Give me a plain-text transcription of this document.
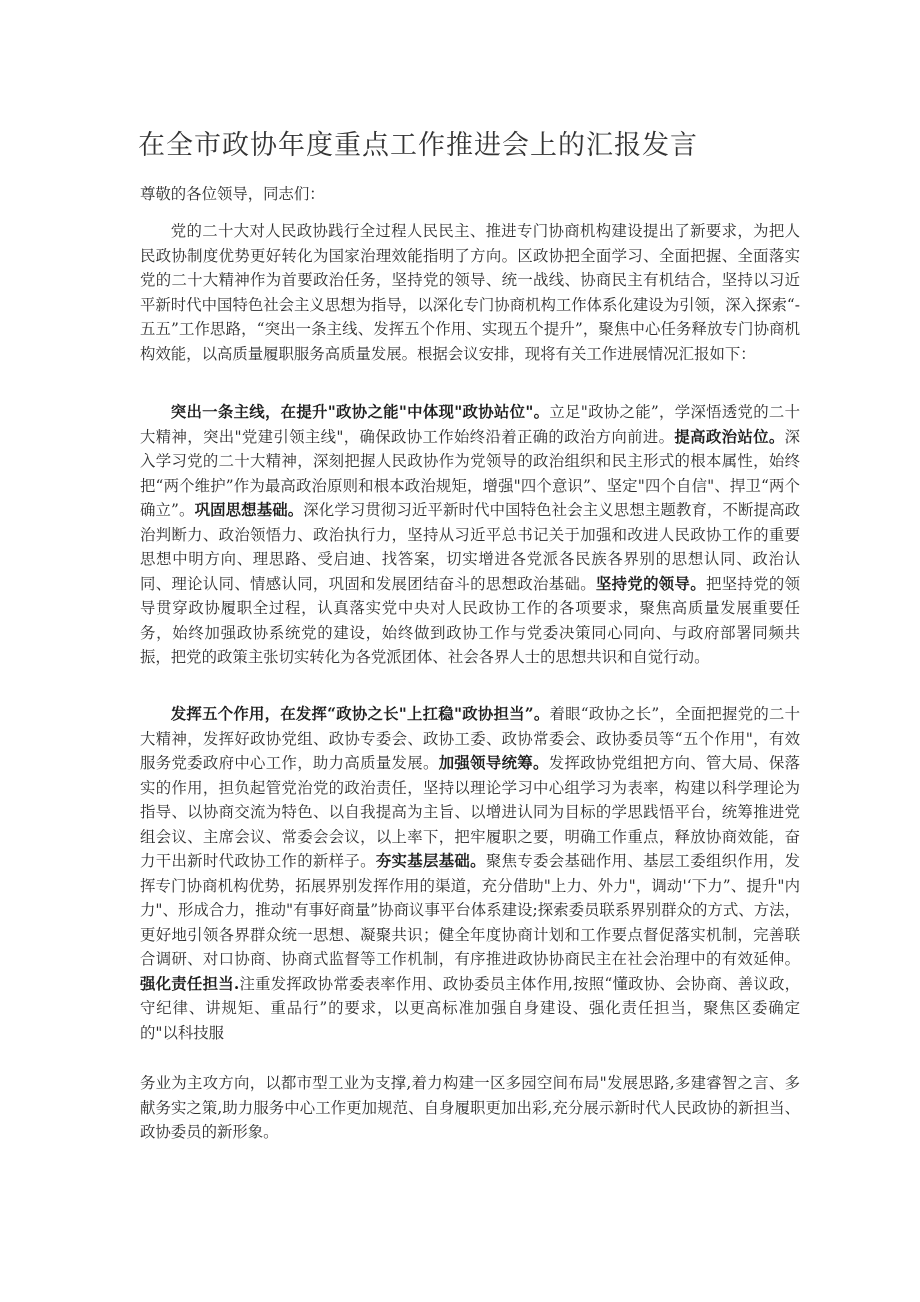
在全市政协年度重点工作推进会上的汇报发言

尊敬的各位领导，同志们：

党的二十大对人民政协践行全过程人民民主、推进专门协商机构建设提出了新要求，为把人民政协制度优势更好转化为国家治理效能指明了方向。区政协把全面学习、全面把握、全面落实党的二十大精神作为首要政治任务，坚持党的领导、统一战线、协商民主有机结合，坚持以习近平新时代中国特色社会主义思想为指导，以深化专门协商机构工作体系化建设为引领，深入探索“-五五”工作思路，“突出一条主线、发挥五个作用、实现五个提升”，聚焦中心任务释放专门协商机构效能，以高质量履职服务高质量发展。根据会议安排，现将有关工作进展情况汇报如下：

突出一条主线，在提升"政协之能"中体现"政协站位"。立足"政协之能”，学深悟透党的二十大精神，突出"党建引领主线"，确保政协工作始终沿着正确的政治方向前进。提高政治站位。深入学习党的二十大精神，深刻把握人民政协作为党领导的政治组织和民主形式的根本属性，始终把“两个维护”作为最高政治原则和根本政治规矩，增强"四个意识”、坚定"四个自信"、捍卫“两个确立”。巩固思想基础。深化学习贯彻习近平新时代中国特色社会主义思想主题教育，不断提高政治判断力、政治领悟力、政治执行力，坚持从习近平总书记关于加强和改进人民政协工作的重要思想中明方向、理思路、受启迪、找答案，切实增进各党派各民族各界别的思想认同、政治认同、理论认同、情感认同，巩固和发展团结奋斗的思想政治基础。坚持党的领导。把坚持党的领导贯穿政协履职全过程，认真落实党中央对人民政协工作的各项要求，聚焦高质量发展重要任务，始终加强政协系统党的建设，始终做到政协工作与党委决策同心同向、与政府部署同频共振，把党的政策主张切实转化为各党派团体、社会各界人士的思想共识和自觉行动。

发挥五个作用，在发挥“政协之长"上扛稳"政协担当”。着眼“政协之长”，全面把握党的二十大精神，发挥好政协党组、政协专委会、政协工委、政协常委会、政协委员等“五个作用"，有效服务党委政府中心工作，助力高质量发展。加强领导统筹。发挥政协党组把方向、管大局、保落实的作用，担负起管党治党的政治责任，坚持以理论学习中心组学习为表率，构建以科学理论为指导、以协商交流为特色、以自我提高为主旨、以增进认同为目标的学思践悟平台，统筹推进党组会议、主席会议、常委会会议，以上率下，把牢履职之要，明确工作重点，释放协商效能，奋力干出新时代政协工作的新样子。夯实基层基础。聚焦专委会基础作用、基层工委组织作用，发挥专门协商机构优势，拓展界别发挥作用的渠道，充分借助"上力、外力"，调动'‘下力”、提升"内力"、形成合力，推动"有事好商量”协商议事平台体系建设;探索委员联系界别群众的方式、方法，更好地引领各界群众统一思想、凝聚共识；健全年度协商计划和工作要点督促落实机制，完善联合调研、对口协商、协商式监督等工作机制，有序推进政协协商民主在社会治理中的有效延伸。强化责任担当.注重发挥政协常委表率作用、政协委员主体作用,按照“懂政协、会协商、善议政，守纪律、讲规矩、重品行”的要求，以更高标准加强自身建设、强化责任担当，聚焦区委确定的"以科技服

务业为主攻方向，以都市型工业为支撑,着力构建一区多园空间布局"发展思路,多建睿智之言、多献务实之策,助力服务中心工作更加规范、自身履职更加出彩,充分展示新时代人民政协的新担当、政协委员的新形象。
